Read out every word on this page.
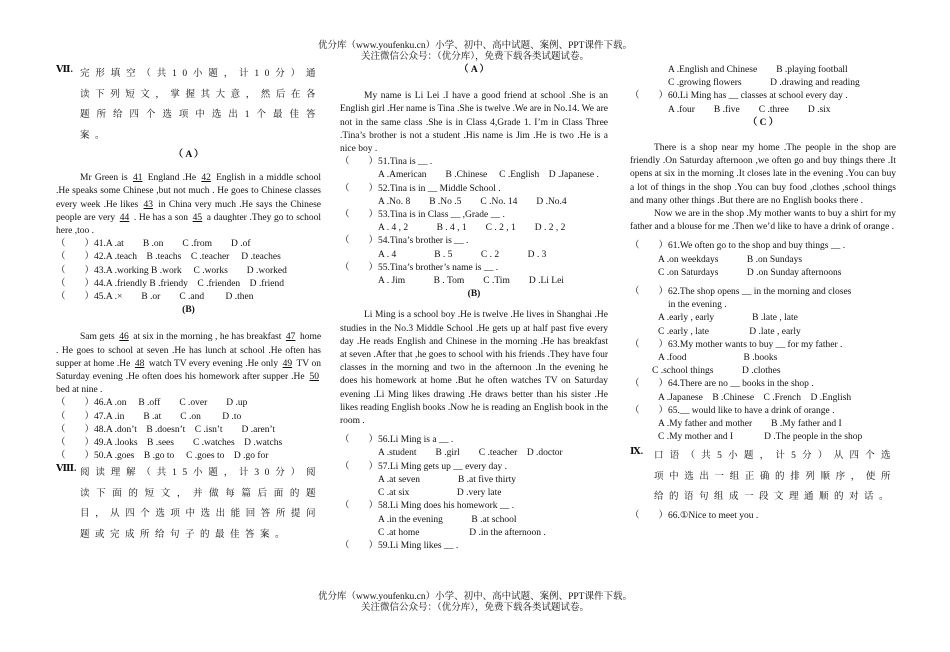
优分库（www.youfenku.cn）小学、初中、高中试题、案例、PPT课件下载。
关注微信公众号：（优分库），免费下载各类试题试卷。
优分库（www.youfenku.cn）小学、初中、高中试题、案例、PPT课件下载。
关注微信公众号：（优分库），免费下载各类试题试卷。
Ⅶ. 完形填空（共10小题，计10分）通读下列短文，掌握其大意，然后在各题所给四个选项中选出1个最佳答案。
（ A ）

Mr Green is 41 England .He 42 English in a middle school .He speaks some Chinese ,but not much . He goes to Chinese classes every week .He likes 43 in China very much .He says the Chinese people are very 44 . He has a son 45 a daughter .They go to school here ,too .

（　　） 41.A .at　　B .on　　C .from　　D .of
（　　） 42.A .teach　B .teachs　C .teacher　 D .teaches
（　　） 43.A .working B .work　 C .works　　D .worked
（　　） 44.A .friendly B .friendy　C .frienden　D .friend
（　　） 45.A .×　　B .or　　C .and　　 D .then
(B)

Sam gets 46 at six in the morning , he has breakfast 47 home . He goes to school at seven .He has lunch at school .He often has supper at home .He 48 watch TV every evening .He only 49 TV on Saturday evening .He often does his homework after supper .He 50 bed at nine .

（　　） 46.A .on　 B .off　　C .over　　D .up
（　　） 47.A .in　　B .at　　C .on　　 D .to
（　　） 48.A .don’t　B .doesn’t　C .isn’t　　D .aren’t
（　　） 49.A .looks　B .sees　　C .watches　D .watchs
（　　） 50.A .goes　B .go to　 C .goes to　D .go for
Ⅷ. 阅读理解（共15小题，计30分）阅读下面的短文，并做每篇后面的题目，从四个选项中选出能回答所提问题或完成所给句子的最佳答案。
（ A ）

My name is Li Lei .I have a good friend at school .She is an English girl .Her name is Tina .She is twelve .We are in No.14. We are not in the same class .She is in Class 4,Grade 1. I’m in Class Three .Tina’s brother is not a student .His name is Jim .He is two .He is a nice boy .

（　　） 51.Tina is __ .
A .American　　B .Chinese　 C .English　D .Japanese .
（　　） 52.Tina is in __ Middle School .
A .No. 8　　B .No .5　　C .No. 14　　D .No.4
（　　） 53.Tina is in Class __ ,Grade __ .
A . 4 , 2　　　B . 4 , 1　　C . 2 , 1　　D . 2 , 2
（　　） 54.Tina’s brother is __ .
A . 4　　　　B . 5　　　C . 2　　　D . 3
（　　） 55.Tina’s brother’s name is __ .
A . Jim　　　B . Tom　　C .Tim　　D .Li Lei
(B)

Li Ming is a school boy .He is twelve .He lives in Shanghai .He studies in the No.3 Middle School .He gets up at half past five every day .He reads English and Chinese in the morning .He has breakfast at seven .After that ,he goes to school with his friends .They have four classes in the morning and two in the afternoon .In the evening he does his homework at home .But he often watches TV on Saturday evening .Li Ming likes drawing .He draws better than his sister .He likes reading English books .Now he is reading an English book in the room .

（　　） 56.Li Ming is a __ .
A .student　　B .girl　　C .teacher　D .doctor
（　　） 57.Li Ming gets up __ every day .
A .at seven　　　　B .at five thirty
C .at six　　　　　D .very late
（　　） 58.Li Ming does his homework __ .
A .in the evening　　　B .at school
C .at home　　　　　 D .in the afternoon .
（　　） 59.Li Ming likes __ .
A .English and Chinese　　B .playing football
C .growing flowers　　　D .drawing and reading
（　　） 60.Li Ming has __ classes at school every day .
A .four　　B .five　　C .three　　D .six
（ C ）

There is a shop near my home .The people in the shop are friendly .On Saturday afternoon ,we often go and buy things there .It opens at six in the morning .It closes late in the evening .You can buy a lot of things in the shop .You can buy food ,clothes ,school things and many other things .But there are no English books there .

Now we are in the shop .My mother wants to buy a shirt for my father and a blouse for me .Then we’d like to have a drink of orange .

（　　） 61.We often go to the shop and buy things __ .
A .on weekdays　　　B .on Sundays
C .on Saturdays　　　D .on Sunday afternoons
（　　） 62.The shop opens __ in the morning and closes
in the evening .
A .early , early　　　　B .late , late
C .early , late　　　　 D .late , early
（　　） 63.My mother wants to buy __ for my father .
A .food　　　　　　B .books
C .school things　　　D .clothes
（　　） 64.There are no __ books in the shop .
A .Japanese　B .Chinese　C .French　D .English
（　　） 65.__ would like to have a drink of orange .
A .My father and mother　　B .My father and I
C .My mother and I　　　 D .The people in the shop
Ⅸ.	口语（共5小题，计5分）从四个选项中选出一组正确的排列顺序，使所给的语句组成一段文理通顺的对话。
（　　） 66.①Nice to meet you .
